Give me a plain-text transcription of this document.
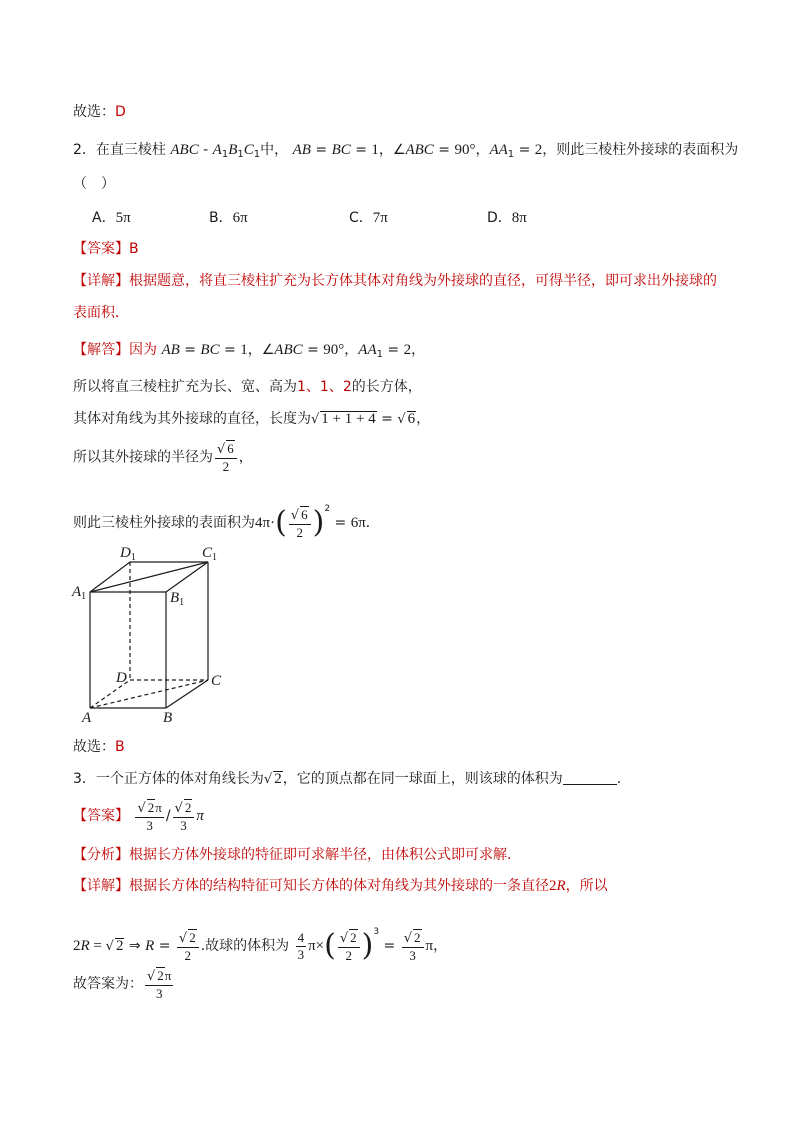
故选：D
2．在直三棱柱 ABC - $A_1B_1C_1$中， AB = BC = 1，∠ABC = 90°，$AA_1 = 2$，则此三棱柱外接球的表面积为
（　）
A．5π	B．6π	C．7π	D．8π
【答案】B
【详解】根据题意，将直三棱柱扩充为长方体其体对角线为外接球的直径，可得半径，即可求出外接球的
表面积．
【解答】因为 AB = BC = 1，∠ABC = 90°，$AA_1 = 2$，
所以将直三棱柱扩充为长、宽、高为1、1、2的长方体，
其体对角线为其外接球的直径，长度为√ 1 + 1 + 4 = √ 6，
所以其外接球的半径为 $\frac{√ 6}{2}$ ，
则此三棱柱外接球的表面积为$4\pi\cdot( \frac{√ 6}{2} )^2 = 6\pi$．
$D_1$	$C_1$
$A_1$	$B_1$
D	C
A	B
故选：B
3．一个正方体的体对角线长为√ 2，它的顶点都在同一球面上，则该球的体积为	.
【答案】 $\frac{√ 2\pi}{3} / \frac{√ 2}{3}$ π
【分析】根据长方体外接球的特征即可求解半径，由体积公式即可求解.
【详解】根据长方体的结构特征可知长方体的体对角线为其外接球的一条直径2R，所以
2R = √ 2 ⇒ $R = \frac{√ 2}{2}$ .故球的体积为 $\frac{4}{3} \pi\times( \frac{√ 2}{2} )^3 = \frac{√ 2}{3}$ π，
故答案为： $\frac{√ 2\pi}{3}$
